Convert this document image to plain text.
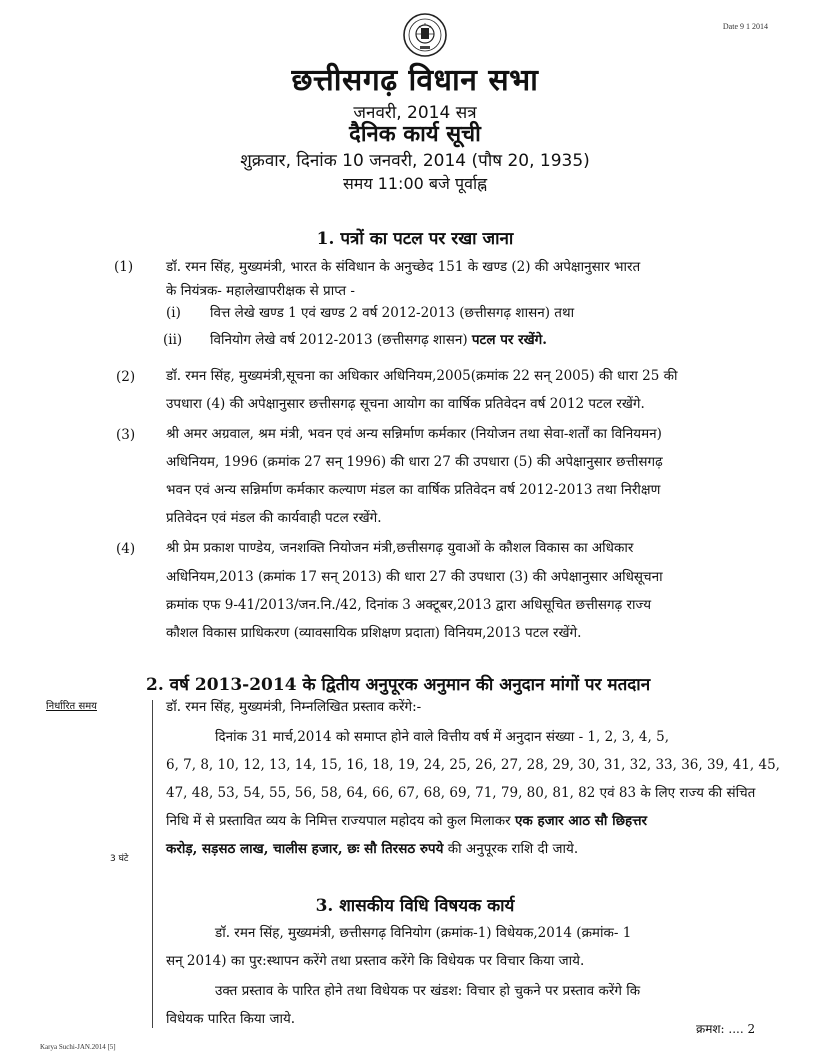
Date 9 1 2014
छत्तीसगढ़ विधान सभा
जनवरी, 2014 सत्र
दैनिक कार्य सूची
शुक्रवार, दिनांक 10 जनवरी, 2014 (पौष 20, 1935)
समय 11:00 बजे पूर्वाह्न
1. पत्रों का पटल पर रखा जाना
(1) डॉ. रमन सिंह, मुख्यमंत्री, भारत के संविधान के अनुच्छेद 151 के खण्ड (2) की अपेक्षानुसार भारत
के नियंत्रक- महालेखापरीक्षक से प्राप्त -
(i) वित्त लेखे खण्ड 1 एवं खण्ड 2 वर्ष 2012-2013 (छत्तीसगढ़ शासन) तथा
(ii) विनियोग लेखे वर्ष 2012-2013 (छत्तीसगढ़ शासन) पटल पर रखेंगे.
(2) डॉ. रमन सिंह, मुख्यमंत्री,सूचना का अधिकार अधिनियम,2005(क्रमांक 22 सन् 2005) की धारा 25 की
उपधारा (4) की अपेक्षानुसार छत्तीसगढ़ सूचना आयोग का वार्षिक प्रतिवेदन वर्ष 2012 पटल रखेंगे.
(3) श्री अमर अग्रवाल, श्रम मंत्री, भवन एवं अन्य सन्निर्माण कर्मकार (नियोजन तथा सेवा-शर्तों का विनियमन)
अधिनियम, 1996 (क्रमांक 27 सन् 1996) की धारा 27 की उपधारा (5) की अपेक्षानुसार छत्तीसगढ़
भवन एवं अन्य सन्निर्माण कर्मकार कल्याण मंडल का वार्षिक प्रतिवेदन वर्ष 2012-2013 तथा निरीक्षण
प्रतिवेदन एवं मंडल की कार्यवाही पटल रखेंगे.
(4) श्री प्रेम प्रकाश पाण्डेय, जनशक्ति नियोजन मंत्री,छत्तीसगढ़ युवाओं के कौशल विकास का अधिकार
अधिनियम,2013 (क्रमांक 17 सन् 2013) की धारा 27 की उपधारा (3) की अपेक्षानुसार अधिसूचना
क्रमांक एफ 9-41/2013/जन.नि./42, दिनांक 3 अक्टूबर,2013 द्वारा अधिसूचित छत्तीसगढ़ राज्य
कौशल विकास प्राधिकरण (व्यावसायिक प्रशिक्षण प्रदाता) विनियम,2013 पटल रखेंगे.
2. वर्ष 2013-2014 के द्वितीय अनुपूरक अनुमान की अनुदान मांगों पर मतदान
निर्धारित समय
3 घंटे
डॉ. रमन सिंह, मुख्यमंत्री, निम्नलिखित प्रस्ताव करेंगे:-
दिनांक 31 मार्च,2014 को समाप्त होने वाले वित्तीय वर्ष में अनुदान संख्या - 1, 2, 3, 4, 5,
6, 7, 8, 10, 12, 13, 14, 15, 16, 18, 19, 24, 25, 26, 27, 28, 29, 30, 31, 32, 33, 36, 39, 41, 45,
47, 48, 53, 54, 55, 56, 58, 64, 66, 67, 68, 69, 71, 79, 80, 81, 82 एवं 83 के लिए राज्य की संचित
निधि में से प्रस्तावित व्यय के निमित्त राज्यपाल महोदय को कुल मिलाकर एक हजार आठ सौ छिहत्तर
करोड़, सड़सठ लाख, चालीस हजार, छः सौ तिरसठ रुपये की अनुपूरक राशि दी जाये.
3. शासकीय विधि विषयक कार्य
डॉ. रमन सिंह, मुख्यमंत्री, छत्तीसगढ़ विनियोग (क्रमांक-1) विधेयक,2014 (क्रमांक- 1
सन् 2014) का पुर:स्थापन करेंगे तथा प्रस्ताव करेंगे कि विधेयक पर विचार किया जाये.
उक्त प्रस्ताव के पारित होने तथा विधेयक पर खंडश: विचार हो चुकने पर प्रस्ताव करेंगे कि
विधेयक पारित किया जाये.
क्रमश: .... 2
Karya Suchi-JAN.2014 [5]
